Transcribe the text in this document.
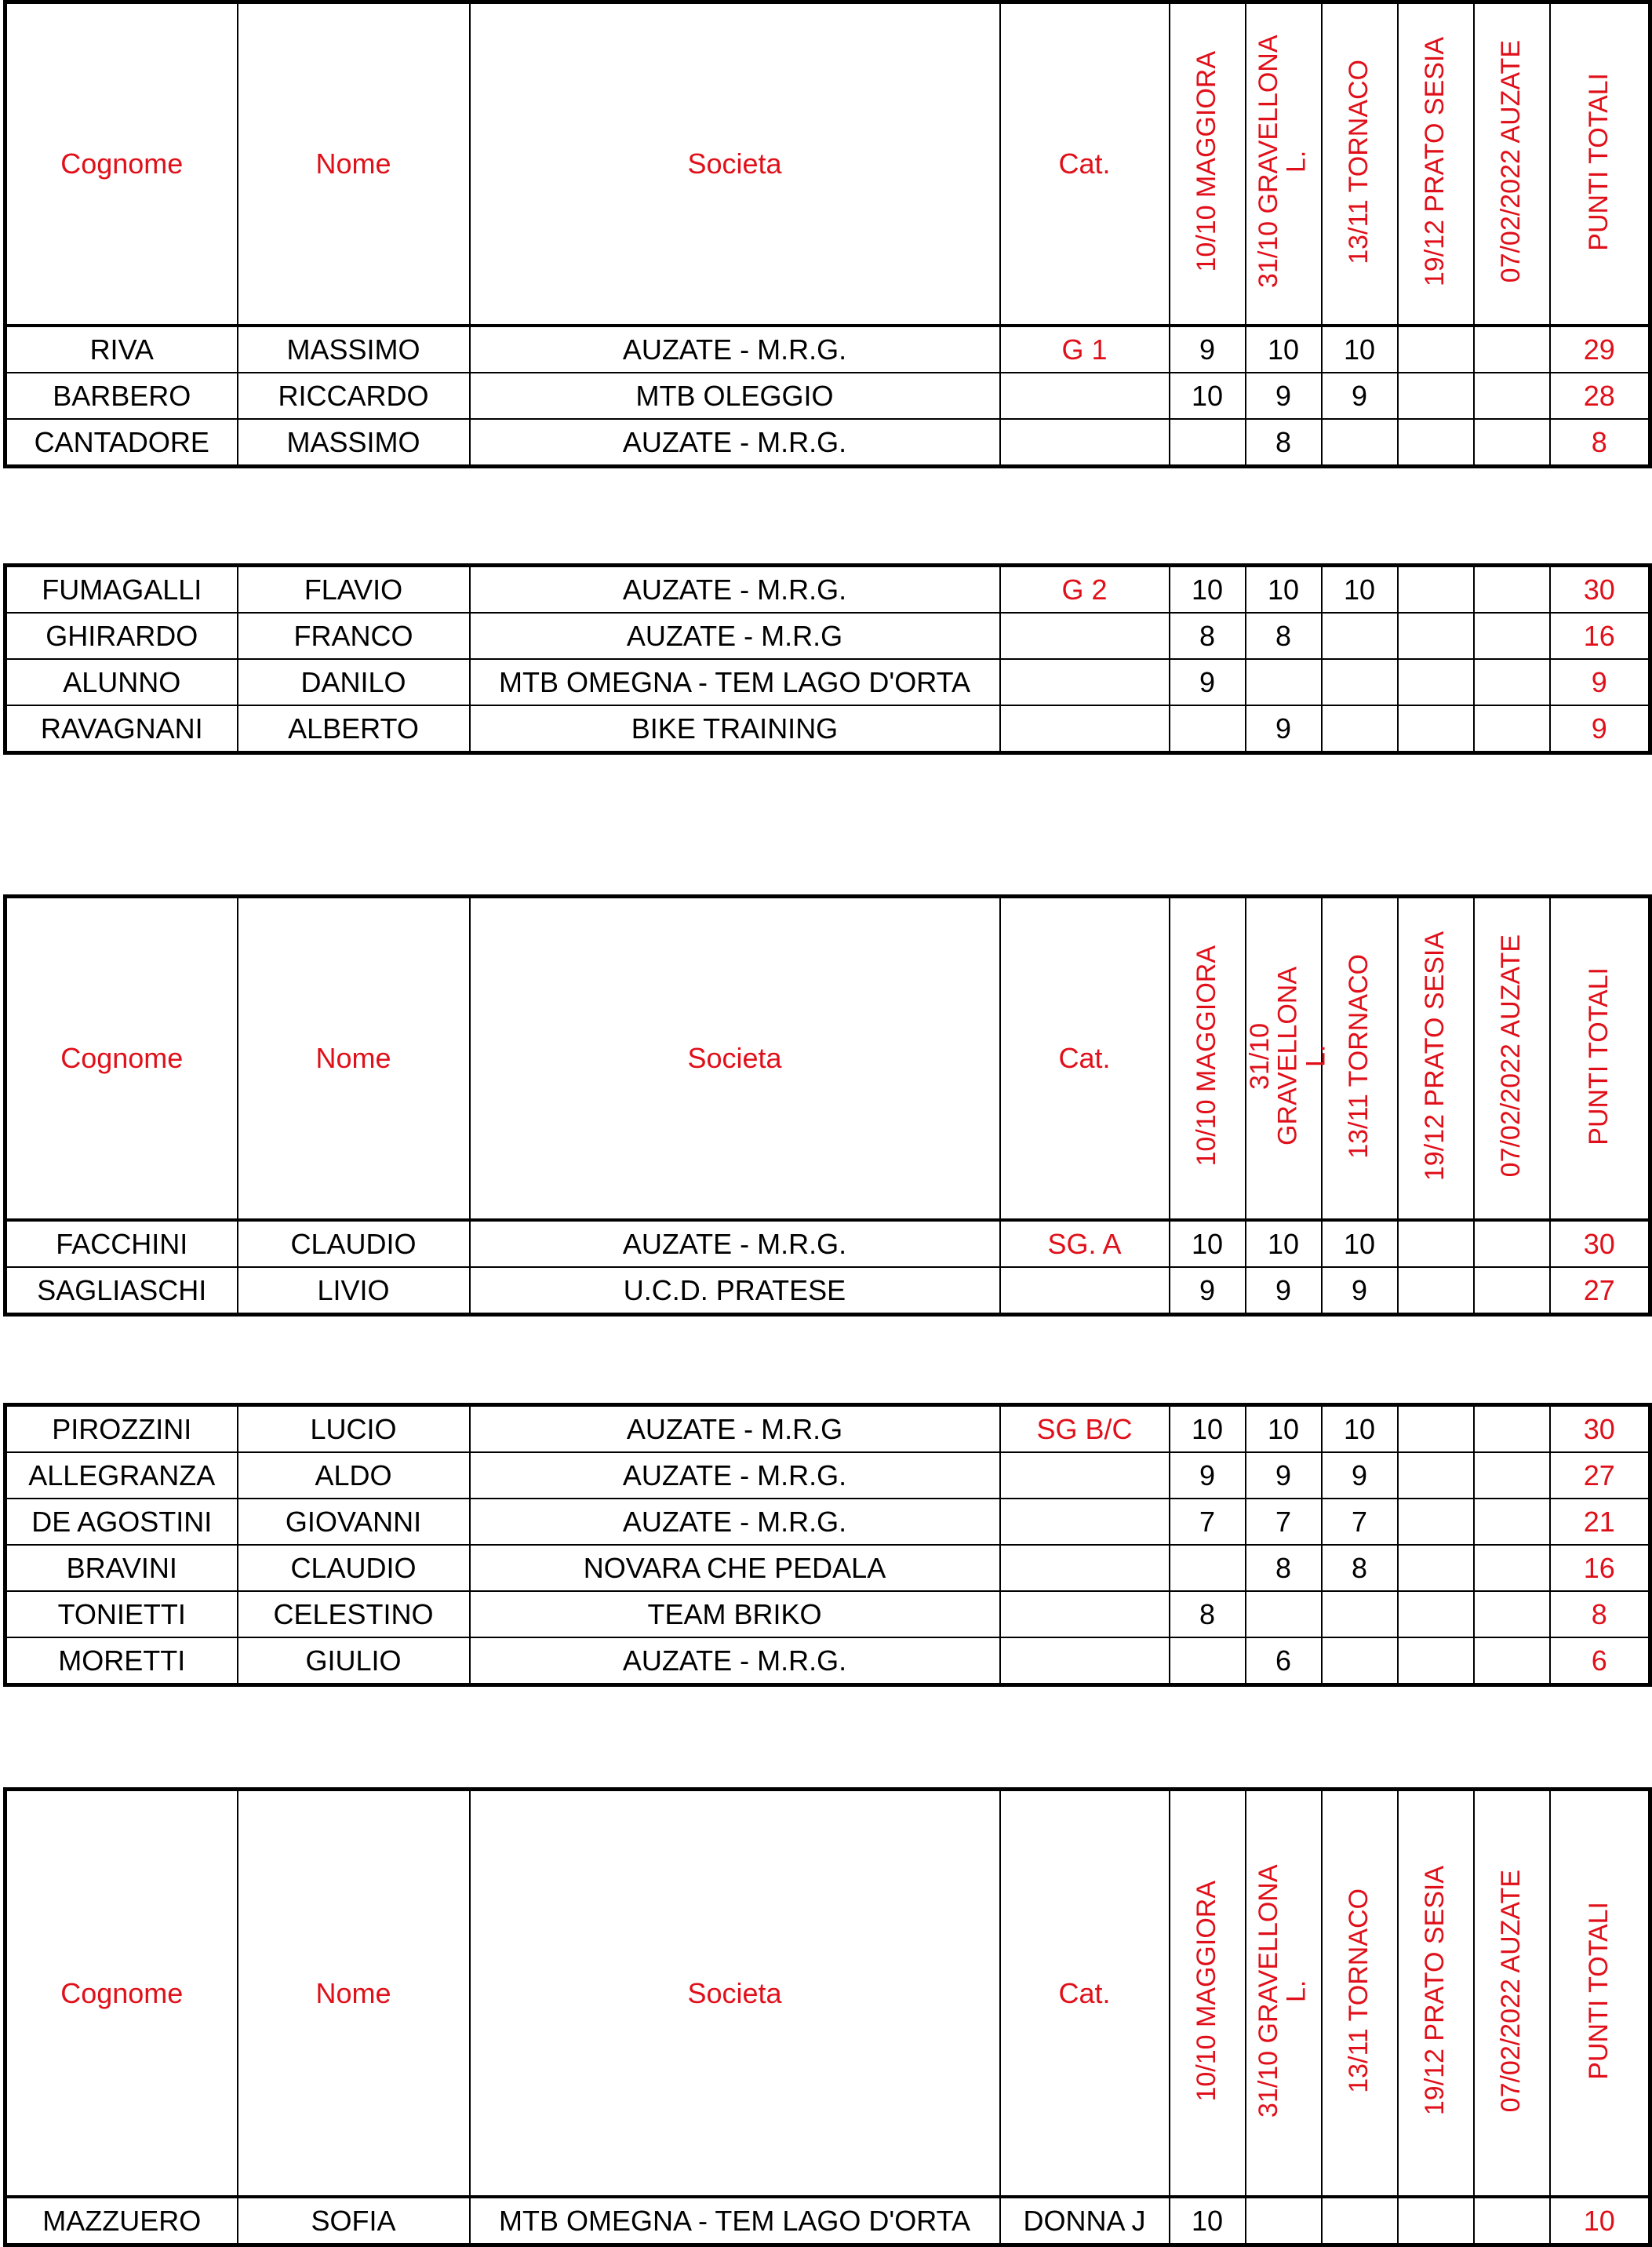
Cognome	Nome	Societa	Cat.	10/10 MAGGIORA	31/10 GRAVELLONA L.	13/11 TORNACO	19/12 PRATO SESIA	07/02/2022 AUZATE	PUNTI TOTALI
RIVA	MASSIMO	AUZATE - M.R.G.	G 1	9	10	10			29
BARBERO	RICCARDO	MTB OLEGGIO		10	9	9			28
CANTADORE	MASSIMO	AUZATE - M.R.G.			8				8
FUMAGALLI	FLAVIO	AUZATE - M.R.G.	G 2	10	10	10			30
GHIRARDO	FRANCO	AUZATE - M.R.G		8	8				16
ALUNNO	DANILO	MTB OMEGNA - TEM LAGO D'ORTA		9					9
RAVAGNANI	ALBERTO	BIKE TRAINING			9				9
Cognome	Nome	Societa	Cat.	10/10 MAGGIORA	31/10 GRAVELLONA L.	13/11 TORNACO	19/12 PRATO SESIA	07/02/2022 AUZATE	PUNTI TOTALI
FACCHINI	CLAUDIO	AUZATE - M.R.G.	SG. A	10	10	10			30
SAGLIASCHI	LIVIO	U.C.D. PRATESE		9	9	9			27
PIROZZINI	LUCIO	AUZATE - M.R.G	SG B/C	10	10	10			30
ALLEGRANZA	ALDO	AUZATE - M.R.G.		9	9	9			27
DE AGOSTINI	GIOVANNI	AUZATE - M.R.G.		7	7	7			21
BRAVINI	CLAUDIO	NOVARA CHE PEDALA			8	8			16
TONIETTI	CELESTINO	TEAM BRIKO		8					8
MORETTI	GIULIO	AUZATE - M.R.G.			6				6
Cognome	Nome	Societa	Cat.	10/10 MAGGIORA	31/10 GRAVELLONA L.	13/11 TORNACO	19/12 PRATO SESIA	07/02/2022 AUZATE	PUNTI TOTALI
MAZZUERO	SOFIA	MTB OMEGNA - TEM LAGO D'ORTA	DONNA J	10					10
